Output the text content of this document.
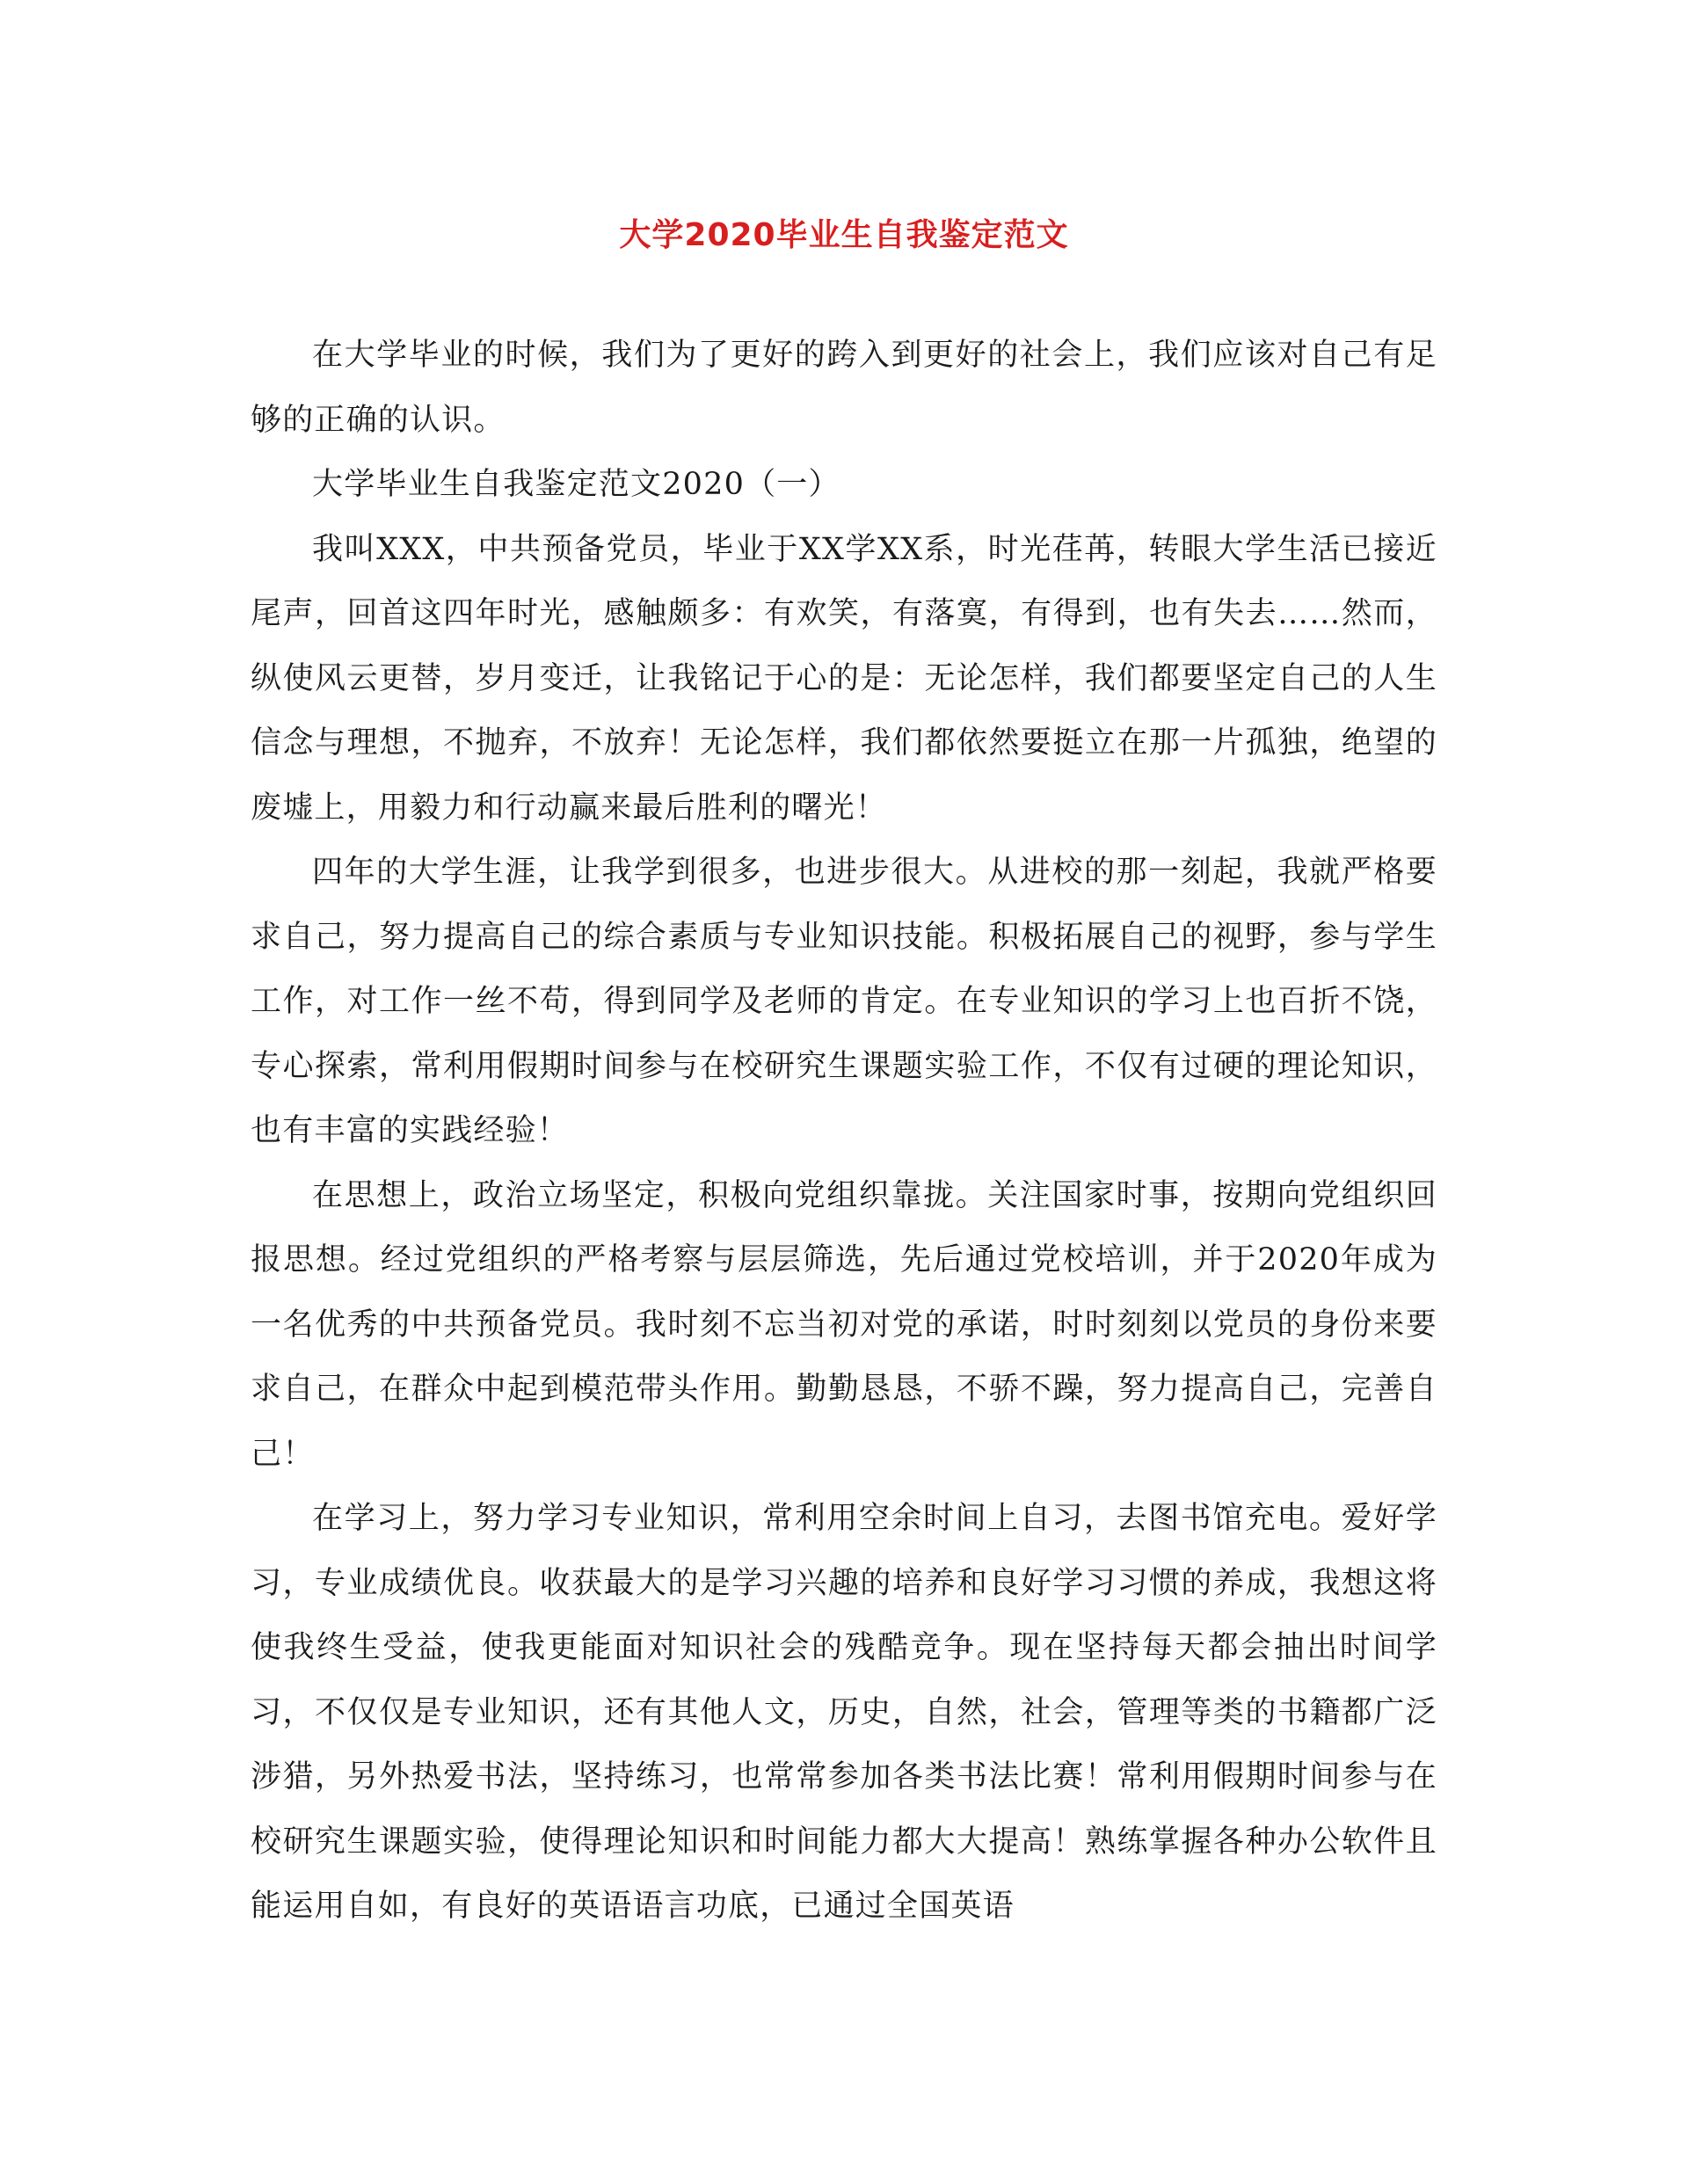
大学2020毕业生自我鉴定范文

在大学毕业的时候，我们为了更好的跨入到更好的社会上，我们应该对自己有足够的正确的认识。

大学毕业生自我鉴定范文2020（一）

我叫XXX，中共预备党员，毕业于XX学XX系，时光荏苒，转眼大学生活已接近尾声，回首这四年时光，感触颇多：有欢笑，有落寞，有得到，也有失去……然而，纵使风云更替，岁月变迁，让我铭记于心的是：无论怎样，我们都要坚定自己的人生信念与理想，不抛弃，不放弃！无论怎样，我们都依然要挺立在那一片孤独，绝望的废墟上，用毅力和行动赢来最后胜利的曙光！

四年的大学生涯，让我学到很多，也进步很大。从进校的那一刻起，我就严格要求自己，努力提高自己的综合素质与专业知识技能。积极拓展自己的视野，参与学生工作，对工作一丝不苟，得到同学及老师的肯定。在专业知识的学习上也百折不饶，专心探索，常利用假期时间参与在校研究生课题实验工作，不仅有过硬的理论知识，也有丰富的实践经验！

在思想上，政治立场坚定，积极向党组织靠拢。关注国家时事，按期向党组织回报思想。经过党组织的严格考察与层层筛选，先后通过党校培训，并于2020年成为一名优秀的中共预备党员。我时刻不忘当初对党的承诺，时时刻刻以党员的身份来要求自己，在群众中起到模范带头作用。勤勤恳恳，不骄不躁，努力提高自己，完善自己！

在学习上，努力学习专业知识，常利用空余时间上自习，去图书馆充电。爱好学习，专业成绩优良。收获最大的是学习兴趣的培养和良好学习习惯的养成，我想这将使我终生受益，使我更能面对知识社会的残酷竞争。现在坚持每天都会抽出时间学习，不仅仅是专业知识，还有其他人文，历史，自然，社会，管理等类的书籍都广泛涉猎，另外热爱书法，坚持练习，也常常参加各类书法比赛！常利用假期时间参与在校研究生课题实验，使得理论知识和时间能力都大大提高！熟练掌握各种办公软件且能运用自如，有良好的英语语言功底，已通过全国英语
